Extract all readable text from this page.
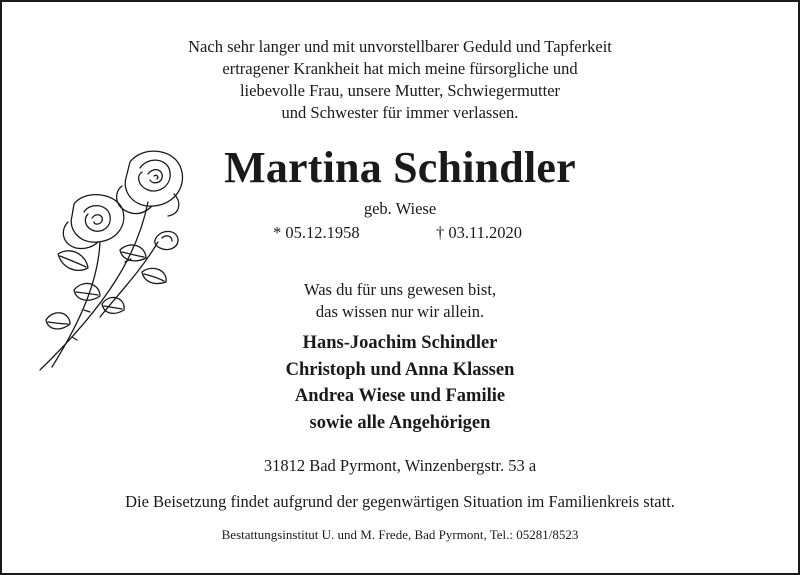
Nach sehr langer und mit unvorstellbarer Geduld und Tapferkeit
ertragener Krankheit hat mich meine fürsorgliche und
liebevolle Frau, unsere Mutter, Schwiegermutter
und Schwester für immer verlassen.
Martina Schindler
geb. Wiese
* 05.12.1958	† 03.11.2020
Was du für uns gewesen bist,
das wissen nur wir allein.
Hans-Joachim Schindler
Christoph und Anna Klassen
Andrea Wiese und Familie
sowie alle Angehörigen
31812 Bad Pyrmont, Winzenbergstr. 53 a
Die Beisetzung findet aufgrund der gegenwärtigen Situation im Familienkreis statt.
Bestattungsinstitut U. und M. Frede, Bad Pyrmont, Tel.: 05281/8523
